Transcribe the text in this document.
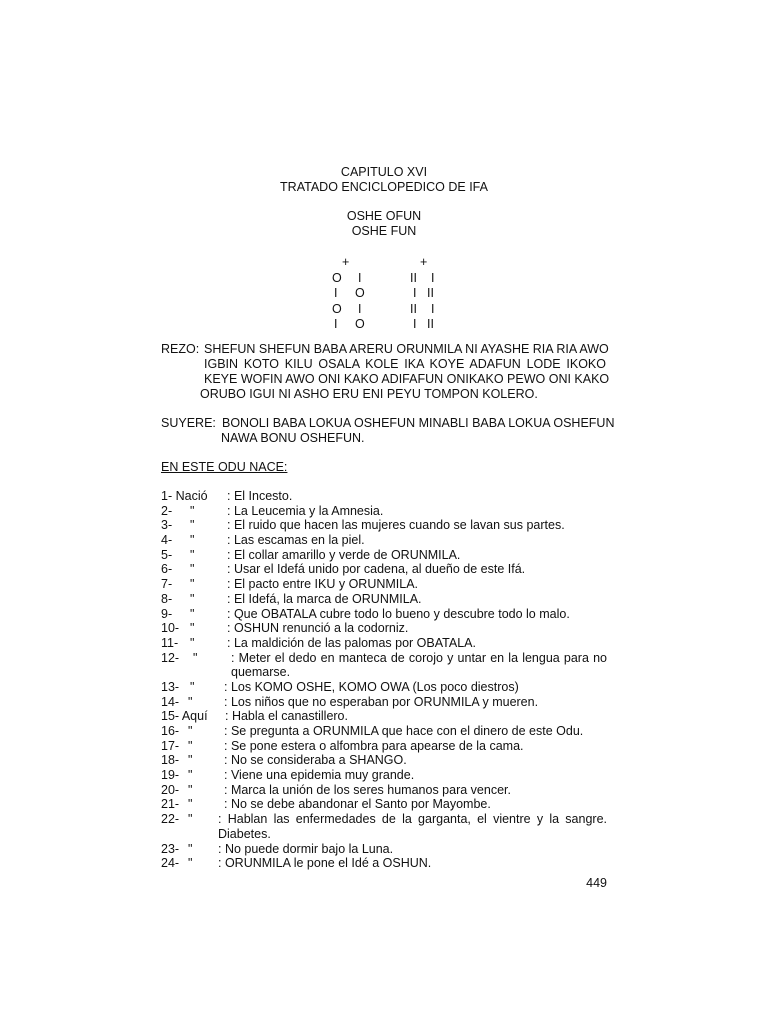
CAPITULO XVI
TRATADO ENCICLOPEDICO DE IFA
OSHE OFUN
OSHE FUN
+
O I
I O
O I
I O
+
II I
I II
II I
I II
REZO: SHEFUN SHEFUN BABA ARERU ORUNMILA NI AYASHE RIA RIA AWO
IGBIN KOTO KILU OSALA KOLE IKA KOYE ADAFUN LODE IKOKO
KEYE WOFIN AWO ONI KAKO ADIFAFUN ONIKAKO PEWO ONI KAKO
ORUBO IGUI NI ASHO ERU ENI PEYU TOMPON KOLERO.
SUYERE: BONOLI BABA LOKUA OSHEFUN MINABLI BABA LOKUA OSHEFUN
NAWA BONU OSHEFUN.
EN ESTE ODU NACE:
1- Nació : El Incesto.
2- "	: La Leucemia y la Amnesia.
3- "	: El ruido que hacen las mujeres cuando se lavan sus partes.
4- "	: Las escamas en la piel.
5- "	: El collar amarillo y verde de ORUNMILA.
6- "	: Usar el Idefá unido por cadena, al dueño de este Ifá.
7- "	: El pacto entre IKU y ORUNMILA.
8- "	: El Idefá, la marca de ORUNMILA.
9- "	: Que OBATALA cubre todo lo bueno y descubre todo lo malo.
10- "	: OSHUN renunció a la codorniz.
11- "	: La maldición de las palomas por OBATALA.
12- "	: Meter el dedo en manteca de corojo y untar en la lengua para no quemarse.
13- " : Los KOMO OSHE, KOMO OWA (Los poco diestros)
14- "	: Los niños que no esperaban por ORUNMILA y mueren.
15- Aquí : Habla el canastillero.
16- "	: Se pregunta a ORUNMILA que hace con el dinero de este Odu.
17- "	: Se pone estera o alfombra para apearse de la cama.
18- "	: No se consideraba a SHANGO.
19- "	: Viene una epidemia muy grande.
20- "	: Marca la unión de los seres humanos para vencer.
21- "	: No se debe abandonar el Santo por Mayombe.
22- " : Hablan las enfermedades de la garganta, el vientre y la sangre. Diabetes.
23- " : No puede dormir bajo la Luna.
24- " : ORUNMILA le pone el Idé a OSHUN.
449
